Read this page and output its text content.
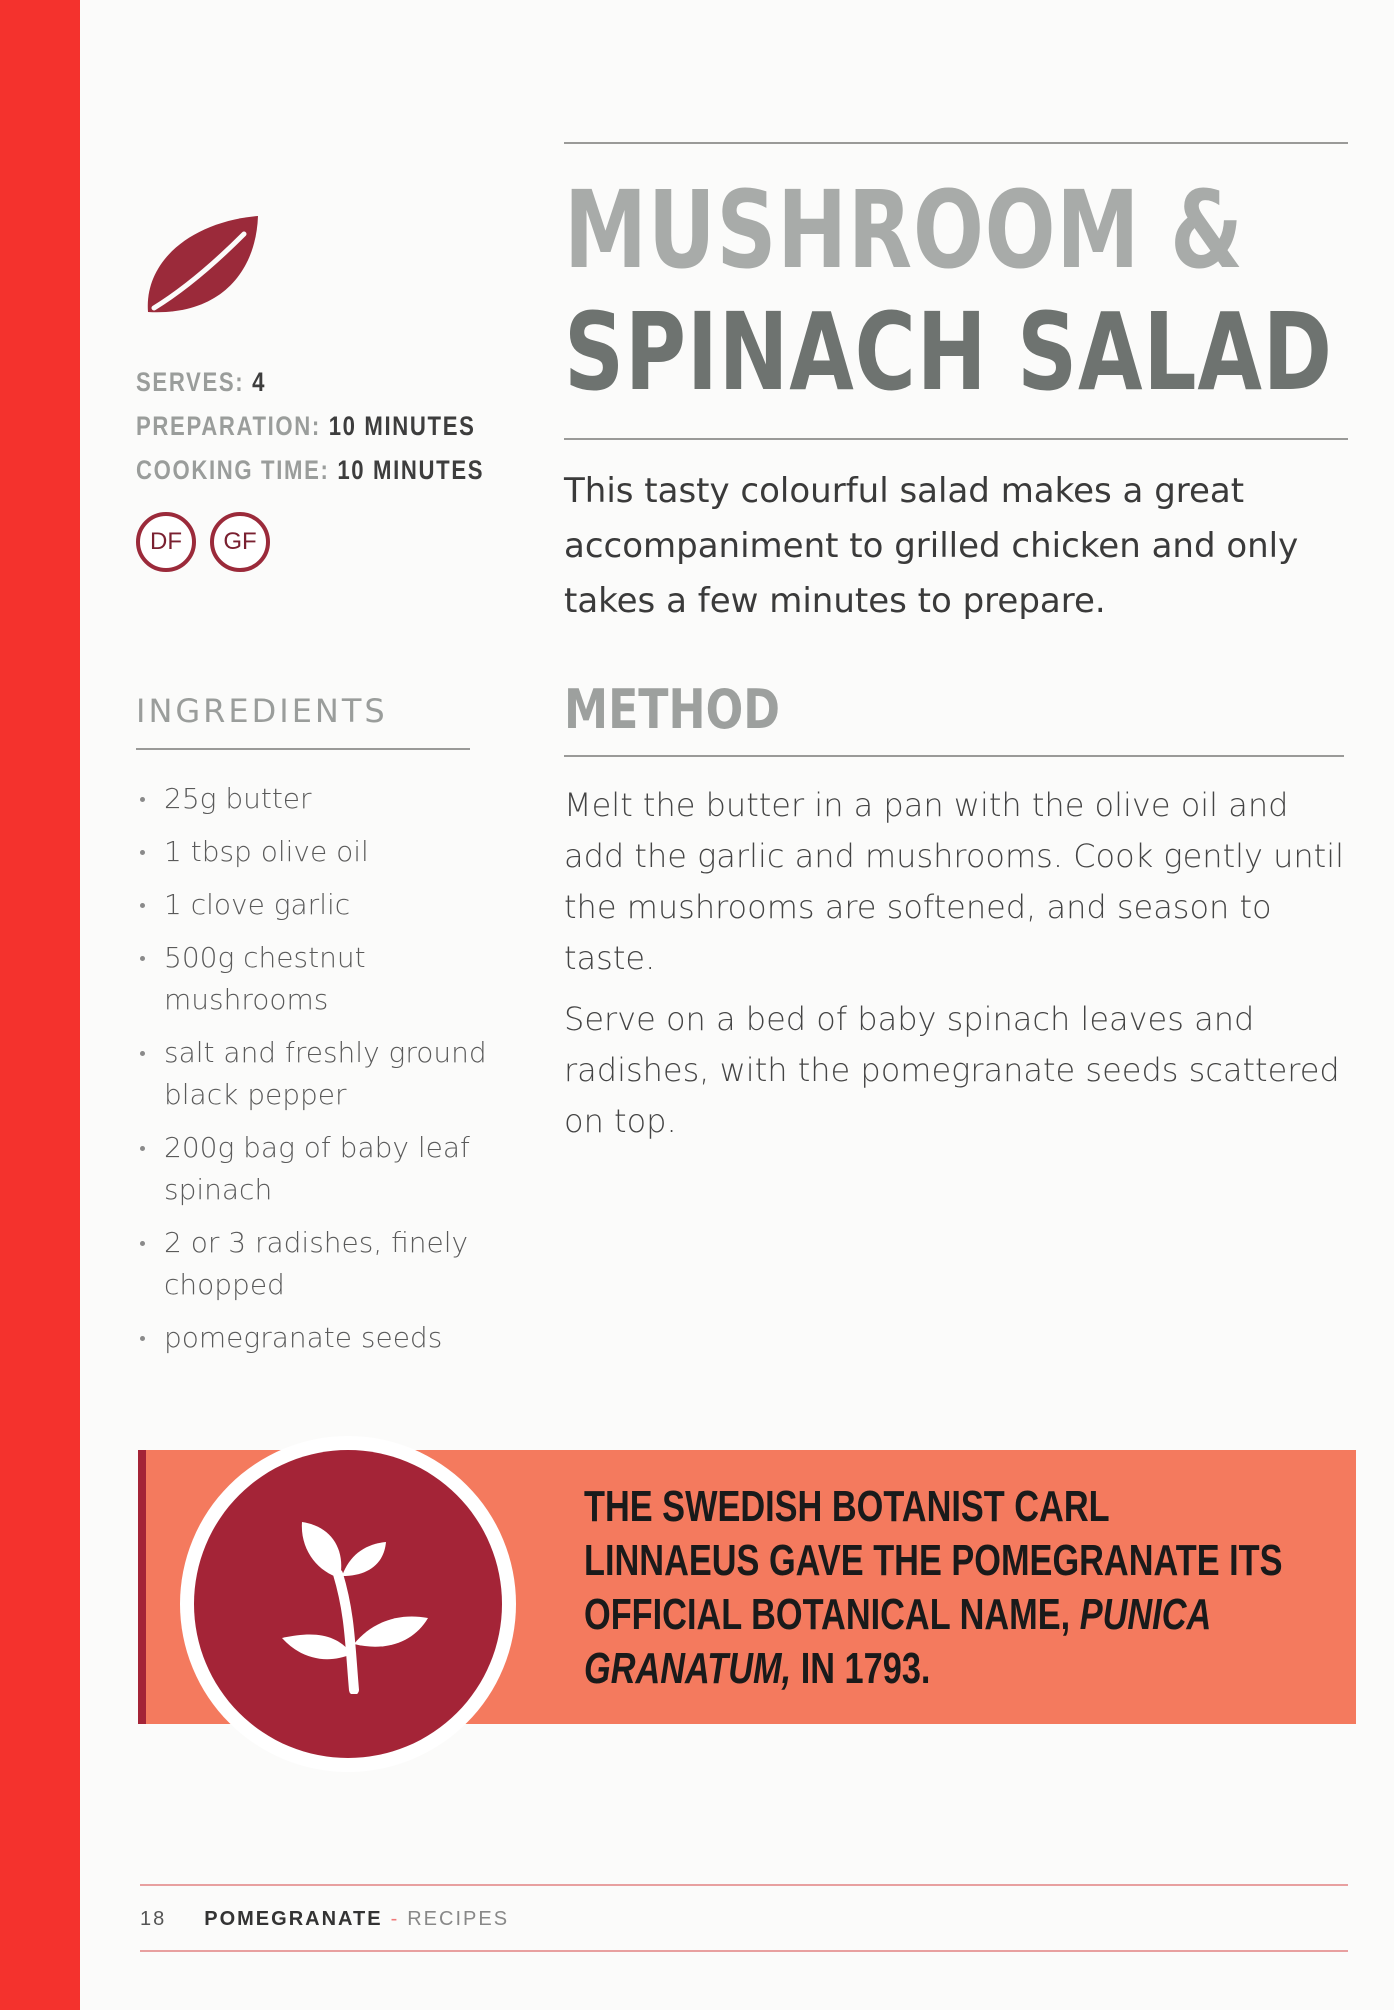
SERVES: 4
PREPARATION: 10 MINUTES
COOKING TIME: 10 MINUTES
DF	GF
INGREDIENTS
25g butter
1 tbsp olive oil
1 clove garlic
500g chestnut mushrooms
salt and freshly ground black pepper
200g bag of baby leaf spinach
2 or 3 radishes, finely chopped
pomegranate seeds
MUSHROOM &
SPINACH SALAD

This tasty colourful salad makes a great accompaniment to grilled chicken and only takes a few minutes to prepare.

METHOD

Melt the butter in a pan with the olive oil and add the garlic and mushrooms. Cook gently until the mushrooms are softened, and season to taste.

Serve on a bed of baby spinach leaves and radishes, with the pomegranate seeds scattered on top.

THE SWEDISH BOTANIST CARL LINNAEUS GAVE THE POMEGRANATE ITS OFFICIAL BOTANICAL NAME, PUNICA GRANATUM, IN 1793.
18 POMEGRANATE - RECIPES
